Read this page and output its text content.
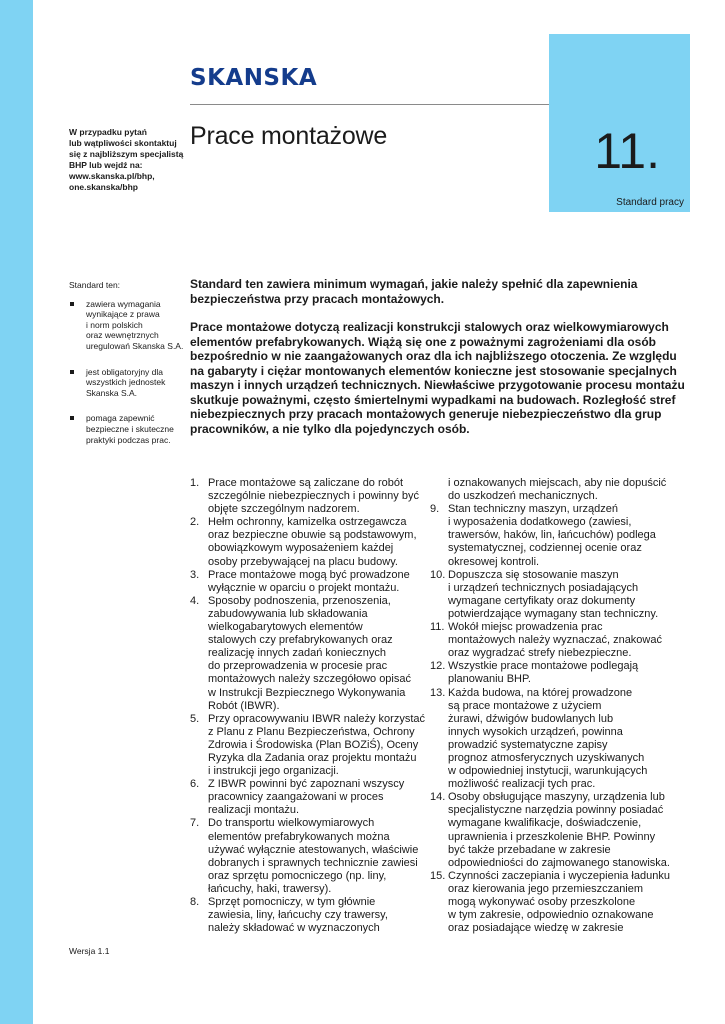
SKANSKA
11.
Standard pracy
W przypadku pytań
lub wątpliwości skontaktuj
się z najbliższym specjalistą
BHP lub wejdź na:
www.skanska.pl/bhp,
one.skanska/bhp
Prace montażowe
Standard ten:
zawiera wymagania
wynikające z prawa
i norm polskich
oraz wewnętrznych
uregulowań Skanska S.A.
jest obligatoryjny dla
wszystkich jednostek
Skanska S.A.
pomaga zapewnić
bezpieczne i skuteczne
praktyki podczas prac.
Standard ten zawiera minimum wymagań, jakie należy spełnić dla zapewnienia
bezpieczeństwa przy pracach montażowych.
Prace montażowe dotyczą realizacji konstrukcji stalowych oraz wielkowymiarowych
elementów prefabrykowanych. Wiążą się one z poważnymi zagrożeniami dla osób
bezpośrednio w nie zaangażowanych oraz dla ich najbliższego otoczenia. Ze względu
na gabaryty i ciężar montowanych elementów konieczne jest stosowanie specjalnych
maszyn i innych urządzeń technicznych. Niewłaściwe przygotowanie procesu montażu
skutkuje poważnymi, często śmiertelnymi wypadkami na budowach. Rozległość stref
niebezpiecznych przy pracach montażowych generuje niebezpieczeństwo dla grup
pracowników, a nie tylko dla pojedynczych osób.
1. Prace montażowe są zaliczane do robót
szczególnie niebezpiecznych i powinny być
objęte szczególnym nadzorem.
2. Hełm ochronny, kamizelka ostrzegawcza
oraz bezpieczne obuwie są podstawowym,
obowiązkowym wyposażeniem każdej
osoby przebywającej na placu budowy.
3. Prace montażowe mogą być prowadzone
wyłącznie w oparciu o projekt montażu.
4. Sposoby podnoszenia, przenoszenia,
zabudowywania lub składowania
wielkogabarytowych elementów
stalowych czy prefabrykowanych oraz
realizację innych zadań koniecznych
do przeprowadzenia w procesie prac
montażowych należy szczegółowo opisać
w Instrukcji Bezpiecznego Wykonywania
Robót (IBWR).
5. Przy opracowywaniu IBWR należy korzystać
z Planu z Planu Bezpieczeństwa, Ochrony
Zdrowia i Środowiska (Plan BOZiŚ), Oceny
Ryzyka dla Zadania oraz projektu montażu
i instrukcji jego organizacji.
6. Z IBWR powinni być zapoznani wszyscy
pracownicy zaangażowani w proces
realizacji montażu.
7. Do transportu wielkowymiarowych
elementów prefabrykowanych można
używać wyłącznie atestowanych, właściwie
dobranych i sprawnych technicznie zawiesi
oraz sprzętu pomocniczego (np. liny,
łańcuchy, haki, trawersy).
8. Sprzęt pomocniczy, w tym głównie
zawiesia, liny, łańcuchy czy trawersy,
należy składować w wyznaczonych
i oznakowanych miejscach, aby nie dopuścić
do uszkodzeń mechanicznych.
9. Stan techniczny maszyn, urządzeń
i wyposażenia dodatkowego (zawiesi,
trawersów, haków, lin, łańcuchów) podlega
systematycznej, codziennej ocenie oraz
okresowej kontroli.
10. Dopuszcza się stosowanie maszyn
i urządzeń technicznych posiadających
wymagane certyfikaty oraz dokumenty
potwierdzające wymagany stan techniczny.
11. Wokół miejsc prowadzenia prac
montażowych należy wyznaczać, znakować
oraz wygradzać strefy niebezpieczne.
12. Wszystkie prace montażowe podlegają
planowaniu BHP.
13. Każda budowa, na której prowadzone
są prace montażowe z użyciem
żurawi, dźwigów budowlanych lub
innych wysokich urządzeń, powinna
prowadzić systematyczne zapisy
prognoz atmosferycznych uzyskiwanych
w odpowiedniej instytucji, warunkujących
możliwość realizacji tych prac.
14. Osoby obsługujące maszyny, urządzenia lub
specjalistyczne narzędzia powinny posiadać
wymagane kwalifikacje, doświadczenie,
uprawnienia i przeszkolenie BHP. Powinny
być także przebadane w zakresie
odpowiedniości do zajmowanego stanowiska.
15. Czynności zaczepiania i wyczepienia ładunku
oraz kierowania jego przemieszczaniem
mogą wykonywać osoby przeszkolone
w tym zakresie, odpowiednio oznakowane
oraz posiadające wiedzę w zakresie
Wersja 1.1
